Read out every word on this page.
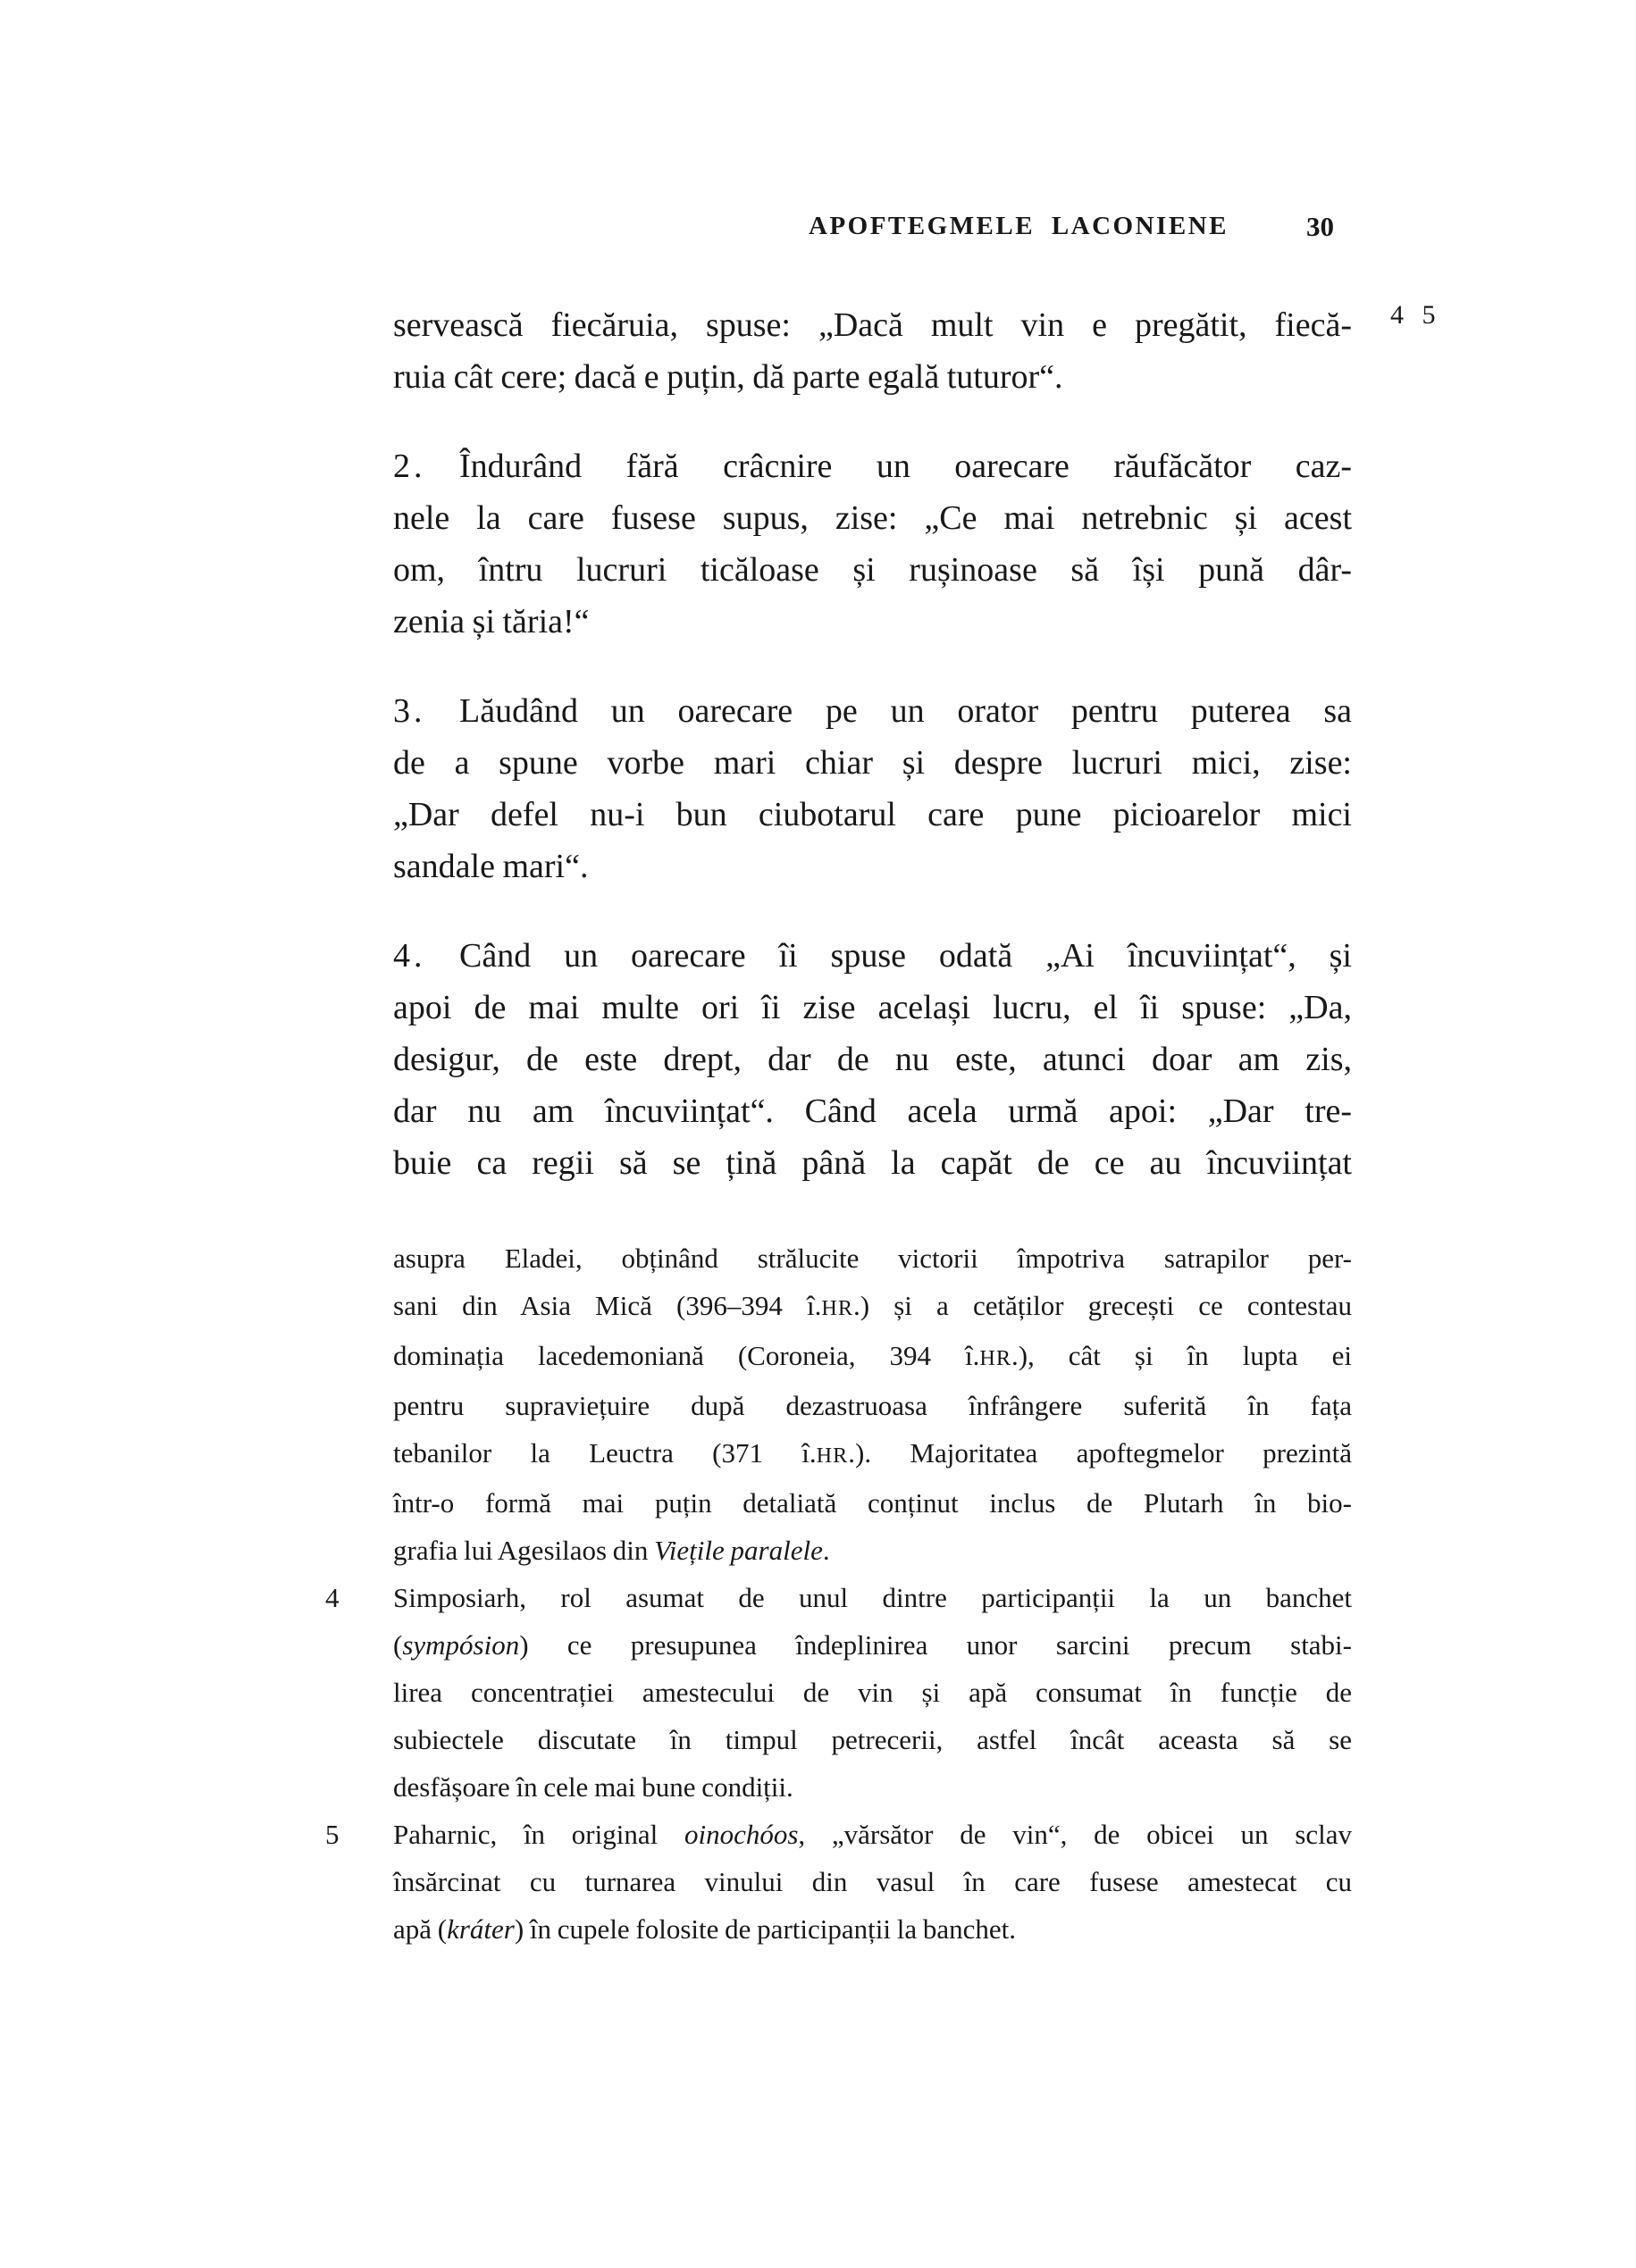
APOFTEGMELE LACONIENE	30
4 5
servească fiecăruia, spuse: „Dacă mult vin e pregătit, fiecă-
ruia cât cere; dacă e puțin, dă parte egală tuturor“.
2. Îndurând fără crâcnire un oarecare răufăcător caz-
nele la care fusese supus, zise: „Ce mai netrebnic și acest
om, întru lucruri ticăloase și rușinoase să își pună dâr-
zenia și tăria!“
3. Lăudând un oarecare pe un orator pentru puterea sa
de a spune vorbe mari chiar și despre lucruri mici, zise:
„Dar defel nu-i bun ciubotarul care pune picioarelor mici
sandale mari“.
4. Când un oarecare îi spuse odată „Ai încuviințat“, și
apoi de mai multe ori îi zise același lucru, el îi spuse: „Da,
desigur, de este drept, dar de nu este, atunci doar am zis,
dar nu am încuviințat“. Când acela urmă apoi: „Dar tre-
buie ca regii să se țină până la capăt de ce au încuviințat
asupra Eladei, obținând strălucite victorii împotriva satrapilor per-
sani din Asia Mică (396–394 î.HR.) și a cetăților grecești ce contestau
dominația lacedemoniană (Coroneia, 394 î.HR.), cât și în lupta ei
pentru supraviețuire după dezastruoasa înfrângere suferită în fața
tebanilor la Leuctra (371 î.HR.). Majoritatea apoftegmelor prezintă
într-o formă mai puțin detaliată conținut inclus de Plutarh în bio-
grafia lui Agesilaos din Viețile paralele.
4	Simposiarh, rol asumat de unul dintre participanții la un banchet
(sympósion) ce presupunea îndeplinirea unor sarcini precum stabi-
lirea concentrației amestecului de vin și apă consumat în funcție de
subiectele discutate în timpul petrecerii, astfel încât aceasta să se
desfășoare în cele mai bune condiții.
5	Paharnic, în original oinochóos, „vărsător de vin“, de obicei un sclav
însărcinat cu turnarea vinului din vasul în care fusese amestecat cu
apă (kráter) în cupele folosite de participanții la banchet.
